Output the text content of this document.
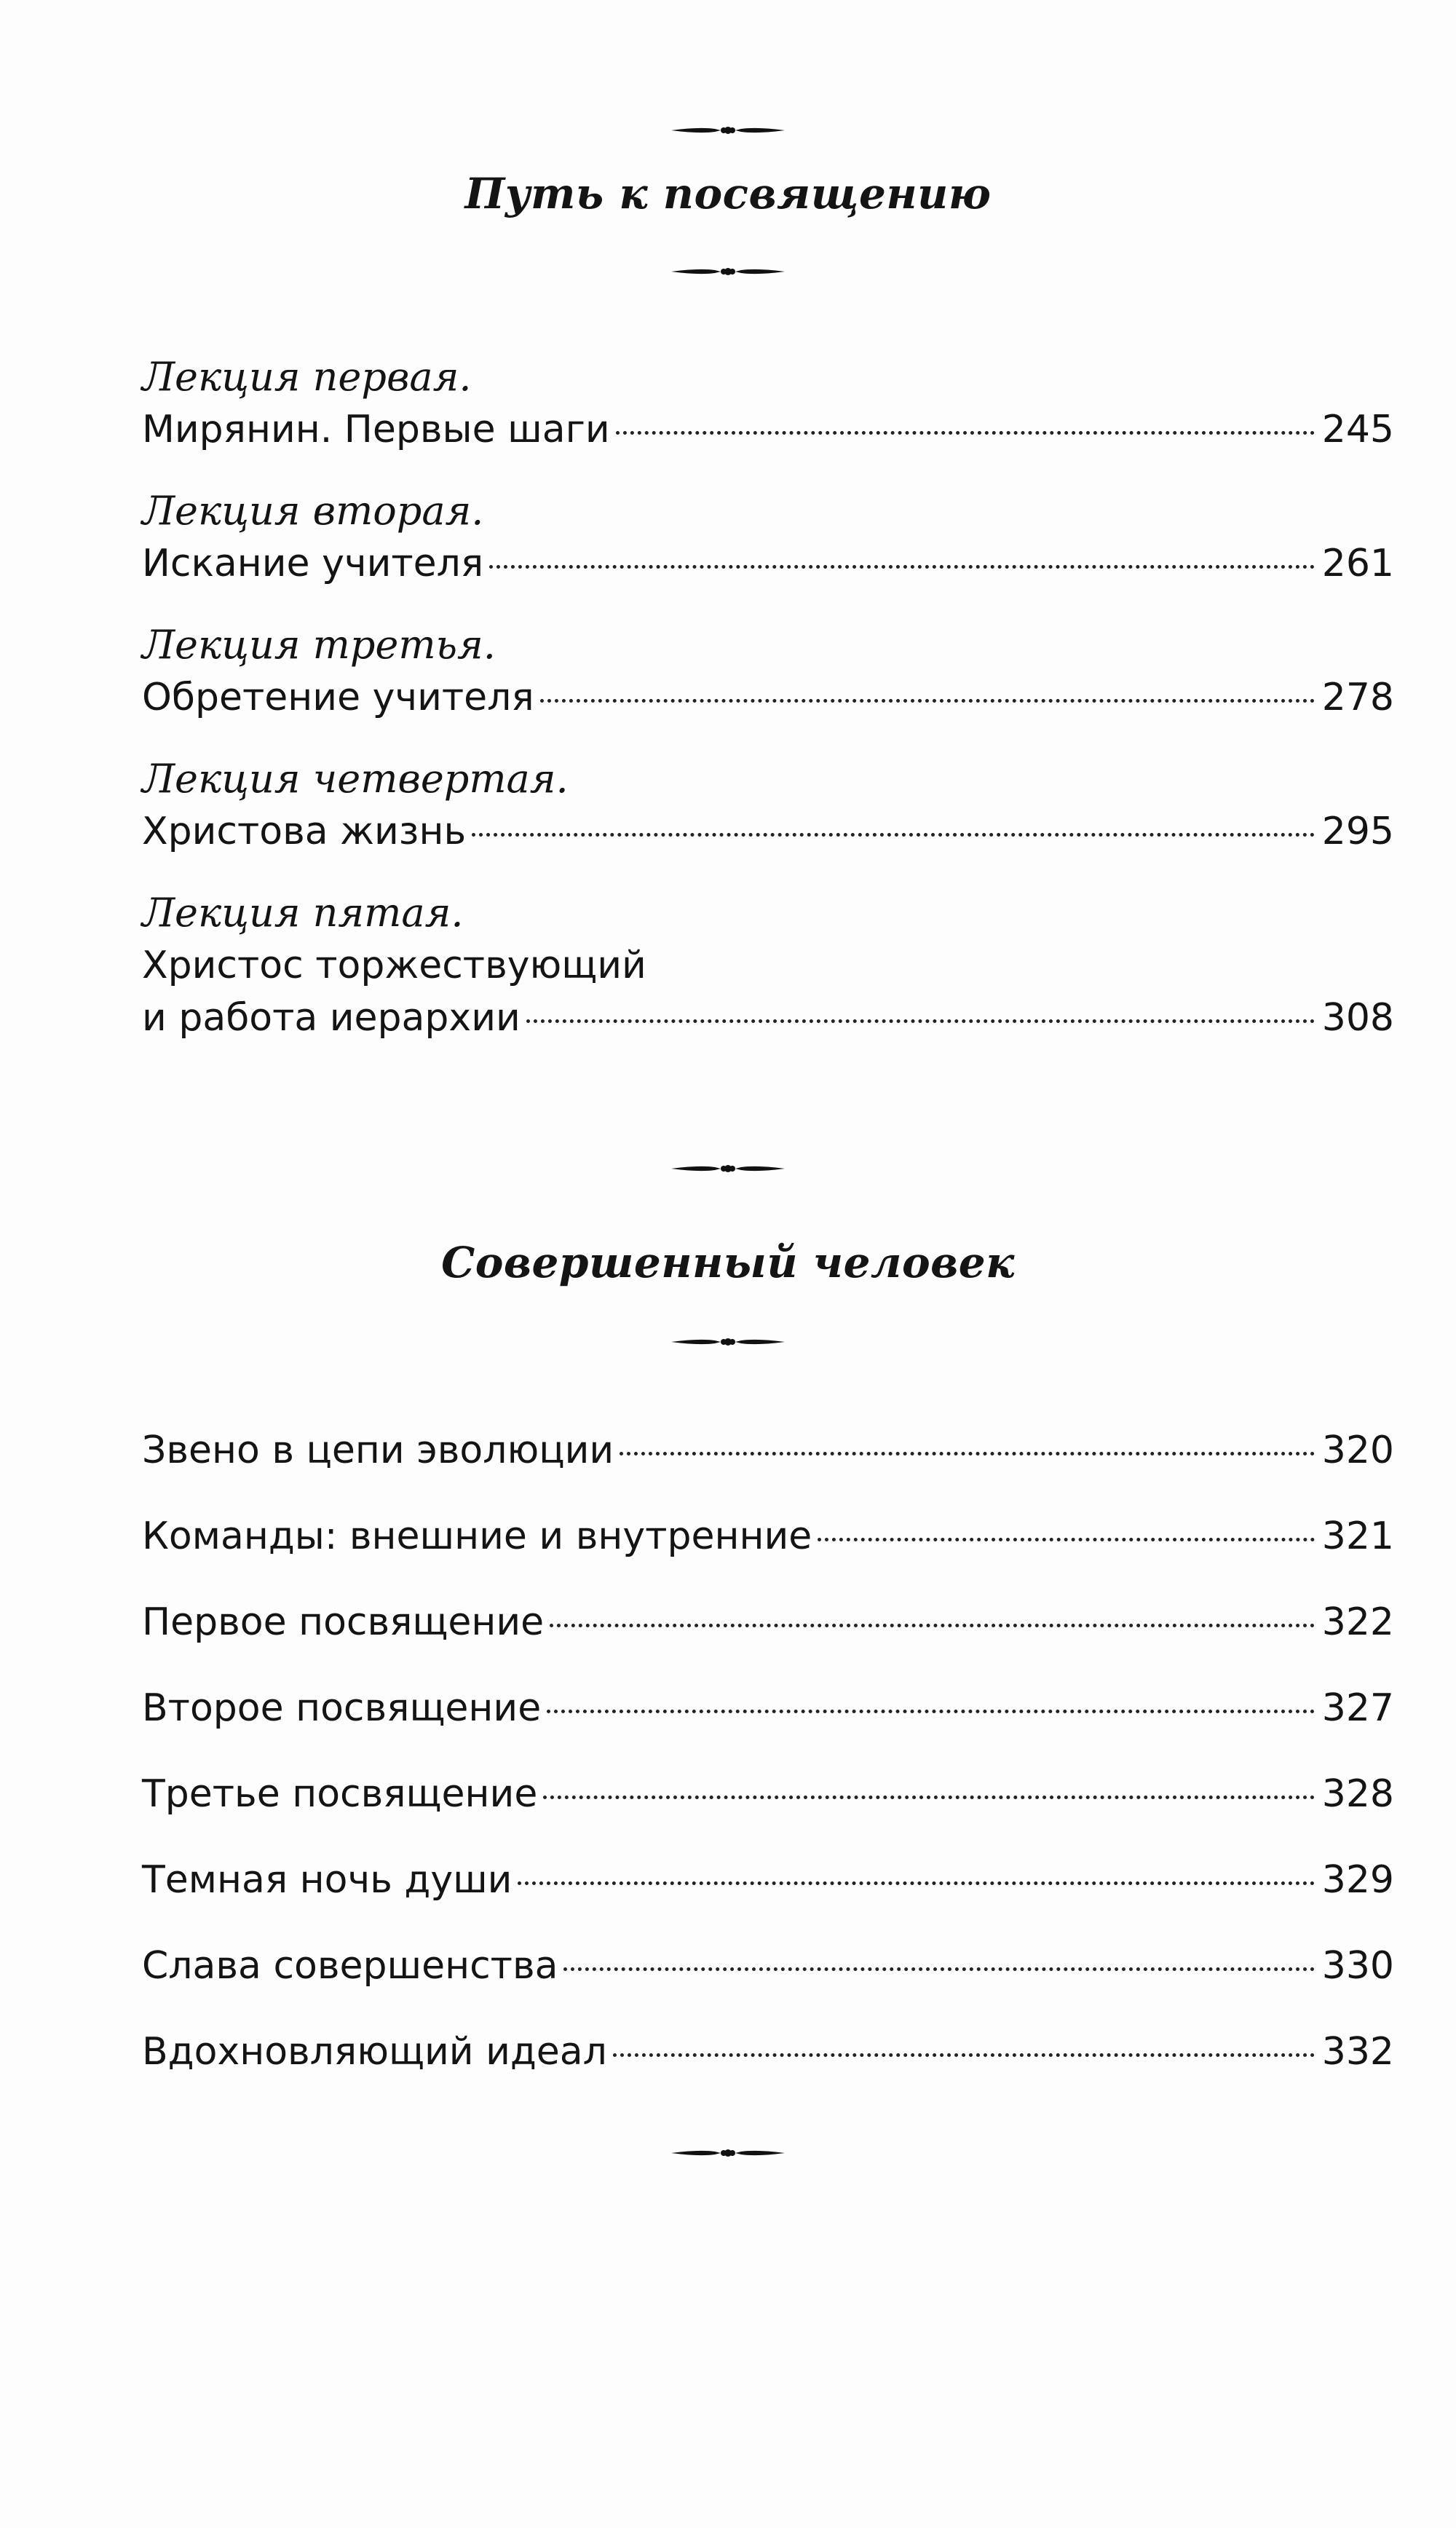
Путь к посвящению
Лекция первая.
Мирянин. Первые шаги	245
Лекция вторая.
Искание учителя	261
Лекция третья.
Обретение учителя	278
Лекция четвертая.
Христова жизнь	295
Лекция пятая.
Христос торжествующий
и работа иерархии	308
Совершенный человек
Звено в цепи эволюции	320
Команды: внешние и внутренние	321
Первое посвящение	322
Второе посвящение	327
Третье посвящение	328
Темная ночь души	329
Слава совершенства	330
Вдохновляющий идеал	332
